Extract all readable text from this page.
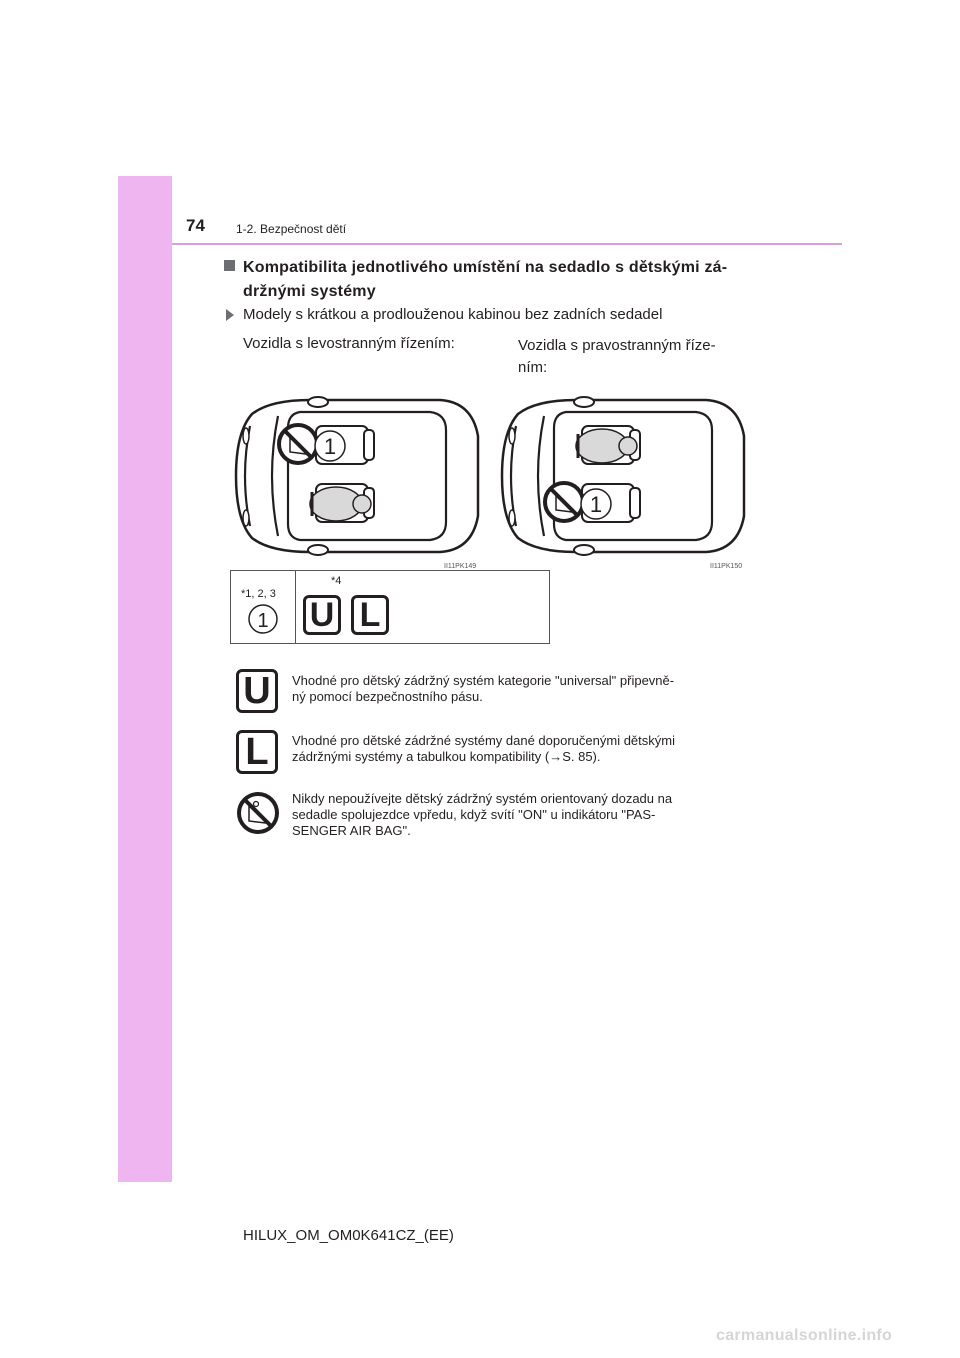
74	1-2. Bezpečnost dětí
Kompatibilita jednotlivého umístění na sedadlo s dětskými zá-
držnými systémy
Modely s krátkou a prodlouženou kabinou bez zadních sedadel
Vozidla s levostranným řízením:	Vozidla s pravostranným říze-
ním:
1
1
II11PK149	II11PK150
*1, 2, 3
1
*4
U L
U	Vhodné pro dětský zádržný systém kategorie "universal" připevně-
ný pomocí bezpečnostního pásu.
L	Vhodné pro dětské zádržné systémy dané doporučenými dětskými
zádržnými systémy a tabulkou kompatibility (→S. 85).
Nikdy nepoužívejte dětský zádržný systém orientovaný dozadu na
sedadle spolujezdce vpředu, když svítí "ON" u indikátoru "PAS-
SENGER AIR BAG".
HILUX_OM_OM0K641CZ_(EE)
carmanualsonline.info
